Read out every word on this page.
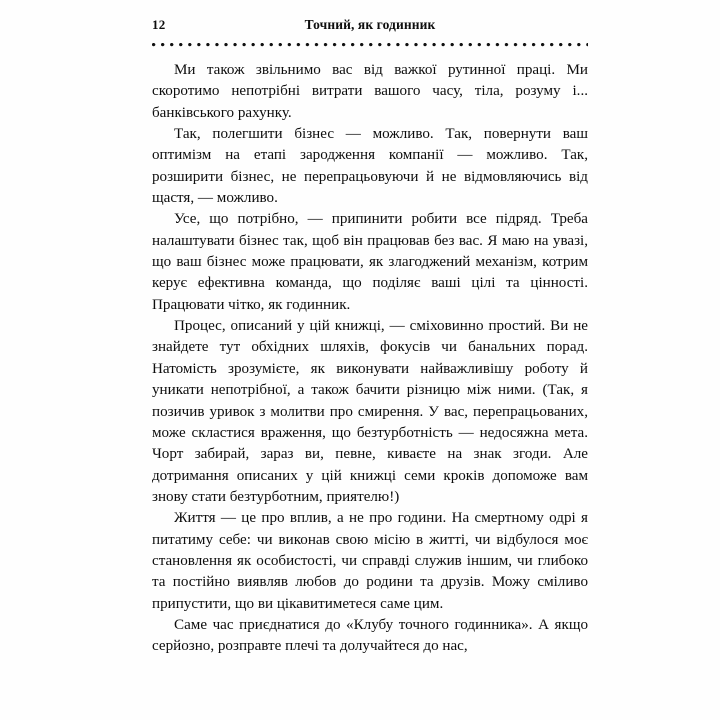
12	Точний, як годинник

Ми також звільнимо вас від важкої рутинної праці. Ми скоротимо непотрібні витрати вашого часу, тіла, розуму і... банківського рахунку.

Так, полегшити бізнес — можливо. Так, повернути ваш оптимізм на етапі зародження компанії — можливо. Так, розширити бізнес, не перепрацьовуючи й не відмовляючись від щастя, — можливо.

Усе, що потрібно, — припинити робити все підряд. Треба налаштувати бізнес так, щоб він працював без вас. Я маю на увазі, що ваш бізнес може працювати, як злагоджений механізм, котрим керує ефективна команда, що поділяє ваші цілі та цінності. Працювати чітко, як годинник.

Процес, описаний у цій книжці, — сміховинно простий. Ви не знайдете тут обхідних шляхів, фокусів чи банальних порад. Натомість зрозумієте, як виконувати найважливішу роботу й уникати непотрібної, а також бачити різницю між ними. (Так, я позичив уривок з молитви про смирення. У вас, перепрацьованих, може скластися враження, що безтурботність — недосяжна мета. Чорт забирай, зараз ви, певне, киваєте на знак згоди. Але дотримання описаних у цій книжці семи кроків допоможе вам знову стати безтурботним, приятелю!)

Життя — це про вплив, а не про години. На смертному одрі я питатиму себе: чи виконав свою місію в житті, чи відбулося моє становлення як особистості, чи справді служив іншим, чи глибоко та постійно виявляв любов до родини та друзів. Можу сміливо припустити, що ви цікавитиметеся саме цим.

Саме час приєднатися до «Клубу точного годинника». А якщо серйозно, розправте плечі та долучайтеся до нас,
